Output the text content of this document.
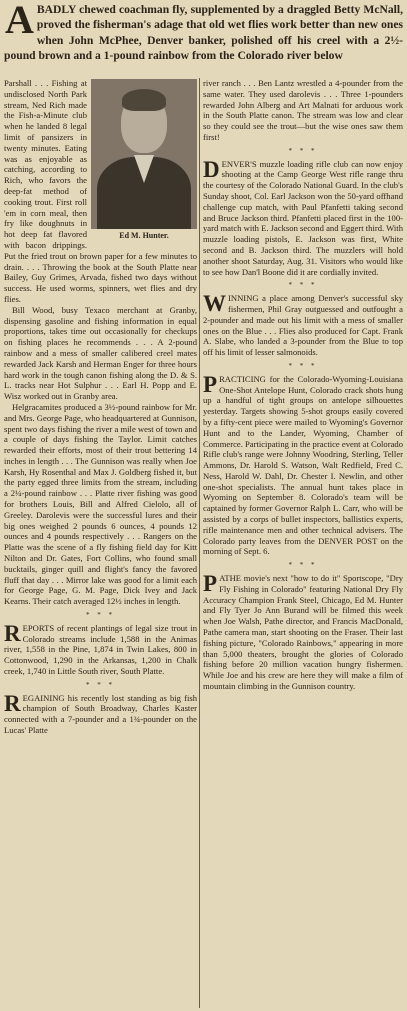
ABADLY chewed coachman fly, supplemented by a draggled Betty McNall, proved the fisherman's adage that old wet flies work better than new ones when John McPhee, Denver banker, polished off his creel with a 2½-pound brown and a 1-pound rainbow from the Colorado river below
Ed M. Hunter.

Parshall . . . Fishing at undisclosed North Park stream, Ned Rich made the Fish-a-Minute club when he landed 8 legal limit of pansizers in twenty minutes. Eating was as enjoyable as catching, according to Rich, who favors the deep-fat method of cooking trout. First roll 'em in corn meal, then fry like doughnuts in hot deep fat flavored with bacon drippings. Put the fried trout on brown paper for a few minutes to drain. . . . Throwing the book at the South Platte near Bailey, Guy Grimes, Arvada, fished two days without success. He used worms, spinners, wet flies and dry flies.

Bill Wood, busy Texaco merchant at Granby, dispensing gasoline and fishing information in equal proportions, takes time out occasionally for checkups on fishing places he recommends . . . A 2-pound rainbow and a mess of smaller calibered creel mates rewarded Jack Karsh and Herman Enger for three hours hard work in the tough canon fishing along the D. & S. L. tracks near Hot Sulphur . . . Earl H. Popp and E. Wisz worked out in Granby area.

Helgracamites produced a 3½-pound rainbow for Mr. and Mrs. George Page, who headquartered at Gunnison, spent two days fishing the river a mile west of town and a couple of days fishing the Taylor. Limit catches rewarded their efforts, most of their trout bettering 14 inches in length . . . The Gunnison was really when Joe Karsh, Hy Rosenthal and Max J. Goldberg fished it, but the party egged three limits from the stream, including a 2¼-pound rainbow . . . Platte river fishing was good for brothers Louis, Bill and Alfred Cielolo, all of Greeley. Darolevis were the successful lures and their big ones weighed 2 pounds 6 ounces, 4 pounds 12 ounces and 4 pounds respectively . . . Rangers on the Platte was the scene of a fly fishing field day for Kitt Nilton and Dr. Gates, Fort Collins, who found small bucktails, ginger quill and flight's fancy the favored fluff that day . . . Mirror lake was good for a limit each for George Page, G. M. Page, Dick Ivey and Jack Kearns. Their catch averaged 12½ inches in length.

* * *

REPORTS of recent plantings of legal size trout in Colorado streams include 1,588 in the Animas river, 1,558 in the Pine, 1,874 in Twin Lakes, 800 in Cottonwood, 1,290 in the Arkansas, 1,200 in Chalk creek, 1,740 in Little South river, South Platte.

* * *

REGAINING his recently lost standing as big fish champion of South Broadway, Charles Kaster connected with a 7-pounder and a 1¾-pounder on the Lucas' Platte

river ranch . . . Ben Lantz wrestled a 4-pounder from the same water. They used darolevis . . . Three 1-pounders rewarded John Alberg and Art Malnati for arduous work in the South Platte canon. The stream was low and clear so they could see the trout—but the wise ones saw them first!

* * *

DENVER'S muzzle loading rifle club can now enjoy shooting at the Camp George West rifle range thru the courtesy of the Colorado National Guard. In the club's Sunday shoot, Col. Earl Jackson won the 50-yard offhand challenge cup match, with Paul Pfanfetti taking second and Bruce Jackson third. Pfanfetti placed first in the 100-yard match with E. Jackson second and Eggert third. With muzzle loading pistols, E. Jackson was first, White second and B. Jackson third. The muzzlers will hold another shoot Saturday, Aug. 31. Visitors who would like to see how Dan'l Boone did it are cordially invited.

* * *

WINNING a place among Denver's successful sky fishermen, Phil Gray outguessed and outfought a 2-pounder and made out his limit with a mess of smaller ones on the Blue . . . Flies also produced for Capt. Frank A. Slabe, who landed a 3-pounder from the Blue to top off his limit of lesser salmonoids.

* * *

PRACTICING for the Colorado-Wyoming-Louisiana One-Shot Antelope Hunt, Colorado crack shots hung up a handful of tight groups on antelope silhouettes yesterday. Targets showing 5-shot groups easily covered by a fifty-cent piece were mailed to Wyoming's Governor Hunt and to the Lander, Wyoming, Chamber of Commerce. Participating in the practice event at Colorado Rifle club's range were Johnny Woodring, Sterling, Teller Ammons, Dr. Harold S. Watson, Walt Redfield, Fred C. Ness, Harold W. Dahl, Dr. Chester I. Newlin, and other one-shot specialists. The annual hunt takes place in Wyoming on September 8. Colorado's team will be captained by former Governor Ralph L. Carr, who will be assisted by a corps of bullet inspectors, ballistics experts, rifle maintenance men and other technical advisers. The Colorado party leaves from the DENVER POST on the morning of Sept. 6.

* * *

PATHE movie's next "how to do it" Sportscope, "Dry Fly Fishing in Colorado" featuring National Dry Fly Accuracy Champion Frank Steel, Chicago, Ed M. Hunter and Fly Tyer Jo Ann Burand will be filmed this week when Joe Walsh, Pathe director, and Francis MacDonald, Pathe camera man, start shooting on the Fraser. Their last fishing picture, "Colorado Rainbows," appearing in more than 5,000 theaters, brought the glories of Colorado fishing before 20 million vacation hungry fishermen. While Joe and his crew are here they will make a film of mountain climbing in the Gunnison country.
